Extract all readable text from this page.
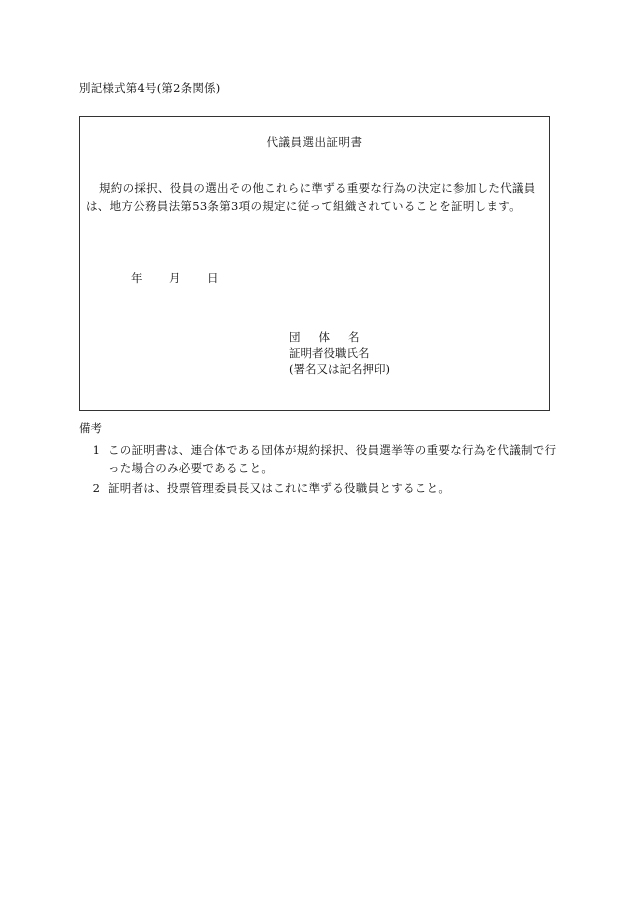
別記様式第4号(第2条関係)
代議員選出証明書
規約の採択、役員の選出その他これらに準ずる重要な行為の決定に参加した代議員は、地方公務員法第53条第3項の規定に従って組織されていることを証明します。
年	月	日
団体名
証明者役職氏名
(署名又は記名押印)
備考
1 この証明書は、連合体である団体が規約採択、役員選挙等の重要な行為を代議制で行った場合のみ必要であること。
2 証明者は、投票管理委員長又はこれに準ずる役職員とすること。
